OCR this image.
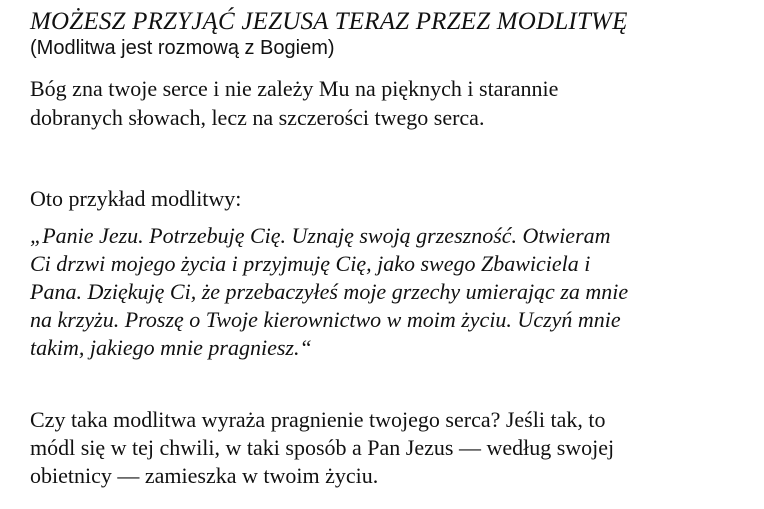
MOŻESZ PRZYJĄĆ JEZUSA TERAZ PRZEZ MODLITWĘ
(Modlitwa jest rozmową z Bogiem)

Bóg zna twoje serce i nie zależy Mu na pięknych i starannie
dobranych słowach, lecz na szczerości twego serca.

Oto przykład modlitwy:

„Panie Jezu. Potrzebuję Cię. Uznaję swoją grzeszność. Otwieram
Ci drzwi mojego życia i przyjmuję Cię, jako swego Zbawiciela i
Pana. Dziękuję Ci, że przebaczyłeś moje grzechy umierając za mnie
na krzyżu. Proszę o Twoje kierownictwo w moim życiu. Uczyń mnie
takim, jakiego mnie pragniesz.“

Czy taka modlitwa wyraża pragnienie twojego serca? Jeśli tak, to
módl się w tej chwili, w taki sposób a Pan Jezus — według swojej
obietnicy — zamieszka w twoim życiu.
